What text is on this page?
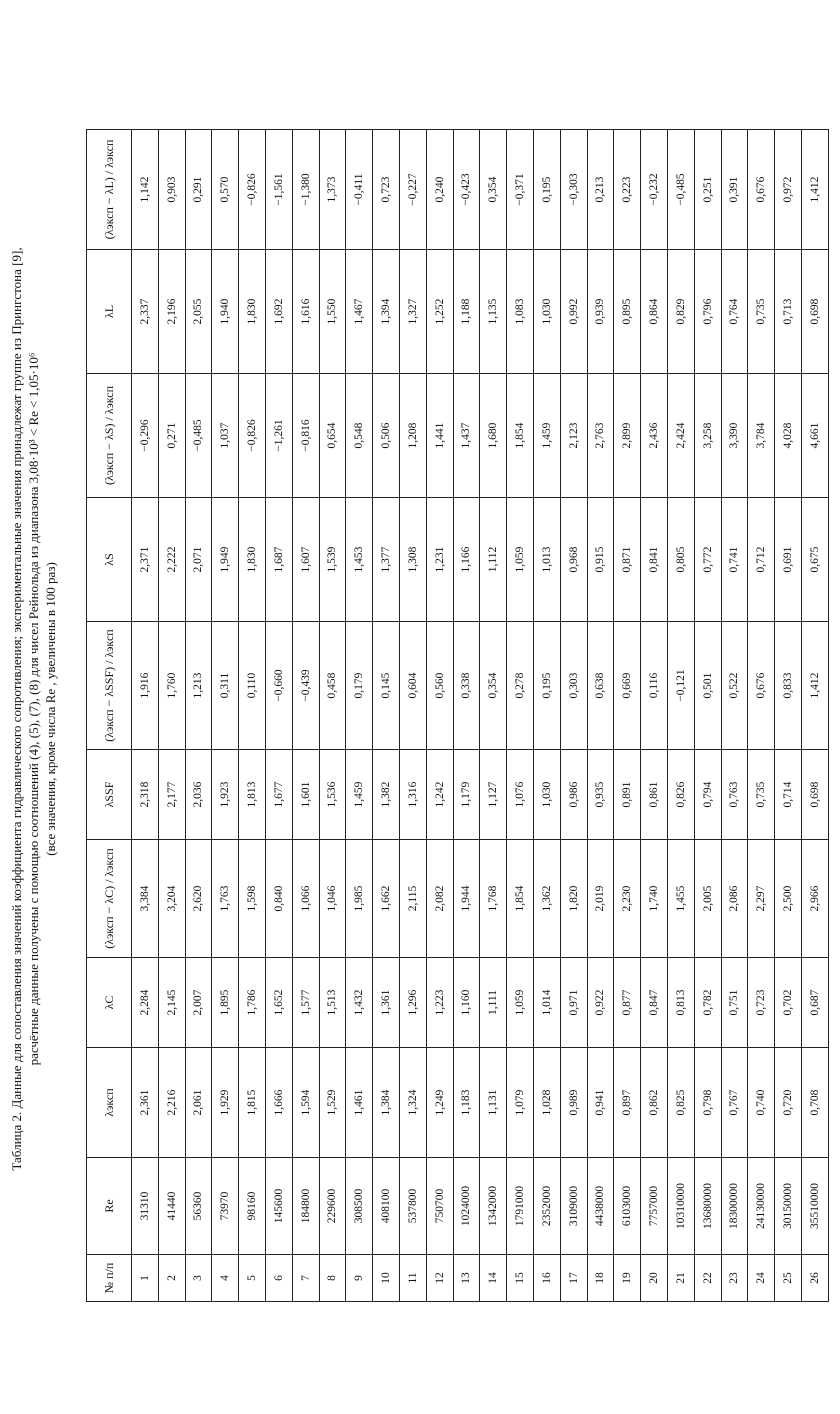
Таблица 2. Данные для сопоставления значений коэффициента гидравлического сопротивления; экспериментальные значения принадлежат группе из Прингстона [9], расчётные данные получены с помощью соотношений (4), (5), (7), (8) для чисел Рейнольда из диапазона 3,08·10³ < Re < 1,05·10⁶ (все значения, кроме числа Re , увеличены в 100 раз)
№ п/п	Re	λэксп	λC	(λэксп − λC) / λэксп	λSSF	(λэксп − λSSF) / λэксп	λS	(λэксп − λS) / λэксп	λL	(λэксп − λL) / λэксп
1	31310	2,361	2,284	3,384	2,318	1,916	2,371	−0,296	2,337	1,142
2	41440	2,216	2,145	3,204	2,177	1,760	2,222	0,271	2,196	0,903
3	56360	2,061	2,007	2,620	2,036	1,213	2,071	−0,485	2,055	0,291
4	73970	1,929	1,895	1,763	1,923	0,311	1,949	1,037	1,940	0,570
5	98160	1,815	1,786	1,598	1,813	0,110	1,830	−0,826	1,830	−0,826
6	145600	1,666	1,652	0,840	1,677	−0,660	1,687	−1,261	1,692	−1,561
7	184800	1,594	1,577	1,066	1,601	−0,439	1,607	−0,816	1,616	−1,380
8	229600	1,529	1,513	1,046	1,536	0,458	1,539	0,654	1,550	1,373
9	308500	1,461	1,432	1,985	1,459	0,179	1,453	0,548	1,467	−0,411
10	408100	1,384	1,361	1,662	1,382	0,145	1,377	0,506	1,394	0,723
11	537800	1,324	1,296	2,115	1,316	0,604	1,308	1,208	1,327	−0,227
12	750700	1,249	1,223	2,082	1,242	0,560	1,231	1,441	1,252	0,240
13	1024000	1,183	1,160	1,944	1,179	0,338	1,166	1,437	1,188	−0,423
14	1342000	1,131	1,111	1,768	1,127	0,354	1,112	1,680	1,135	0,354
15	1791000	1,079	1,059	1,854	1,076	0,278	1,059	1,854	1,083	−0,371
16	2352000	1,028	1,014	1,362	1,030	0,195	1,013	1,459	1,030	0,195
17	3109000	0,989	0,971	1,820	0,986	0,303	0,968	2,123	0,992	−0,303
18	4438000	0,941	0,922	2,019	0,935	0,638	0,915	2,763	0,939	0,213
19	6103000	0,897	0,877	2,230	0,891	0,669	0,871	2,899	0,895	0,223
20	7757000	0,862	0,847	1,740	0,861	0,116	0,841	2,436	0,864	−0,232
21	10310000	0,825	0,813	1,455	0,826	−0,121	0,805	2,424	0,829	−0,485
22	13680000	0,798	0,782	2,005	0,794	0,501	0,772	3,258	0,796	0,251
23	18300000	0,767	0,751	2,086	0,763	0,522	0,741	3,390	0,764	0,391
24	24130000	0,740	0,723	2,297	0,735	0,676	0,712	3,784	0,735	0,676
25	30150000	0,720	0,702	2,500	0,714	0,833	0,691	4,028	0,713	0,972
26	35510000	0,708	0,687	2,966	0,698	1,412	0,675	4,661	0,698	1,412
